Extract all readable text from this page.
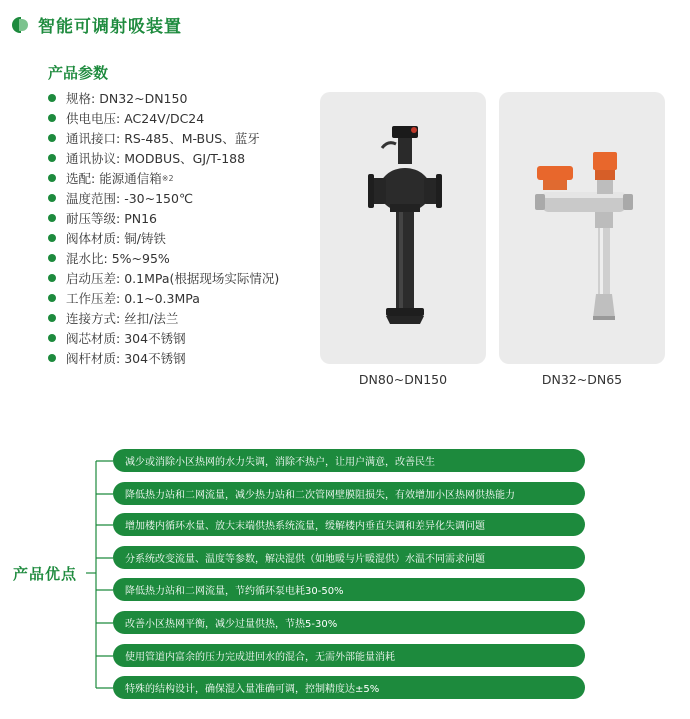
智能可调射吸装置
产品参数
规格: DN32~DN150
供电电压: AC24V/DC24
通讯接口: RS-485、M-BUS、蓝牙
通讯协议: MODBUS、GJ/T-188
选配: 能源通信箱 ※2
温度范围: -30~150℃
耐压等级: PN16
阀体材质: 铜/铸铁
混水比: 5%~95%
启动压差: 0.1MPa(根据现场实际情况)
工作压差: 0.1~0.3MPa
连接方式: 丝扣/法兰
阀芯材质: 304不锈钢
阀杆材质: 304不锈钢
DN80~DN150	DN32~DN65
产品优点
减少或消除小区热网的水力失调，消除不热户，让用户满意，改善民生
降低热力站和二网流量，减少热力站和二次管网壁膜阻损失，有效增加小区热网供热能力
增加楼内循环水量、放大末端供热系统流量，缓解楼内垂直失调和差异化失调问题
分系统改变流量、温度等参数，解决混供（如地暖与片暖混供）水温不同需求问题
降低热力站和二网流量，节约循环泵电耗30-50%
改善小区热网平衡，减少过量供热，节热5-30%
使用管道内富余的压力完成进回水的混合，无需外部能量消耗
特殊的结构设计，确保混入量准确可调，控制精度达±5%
